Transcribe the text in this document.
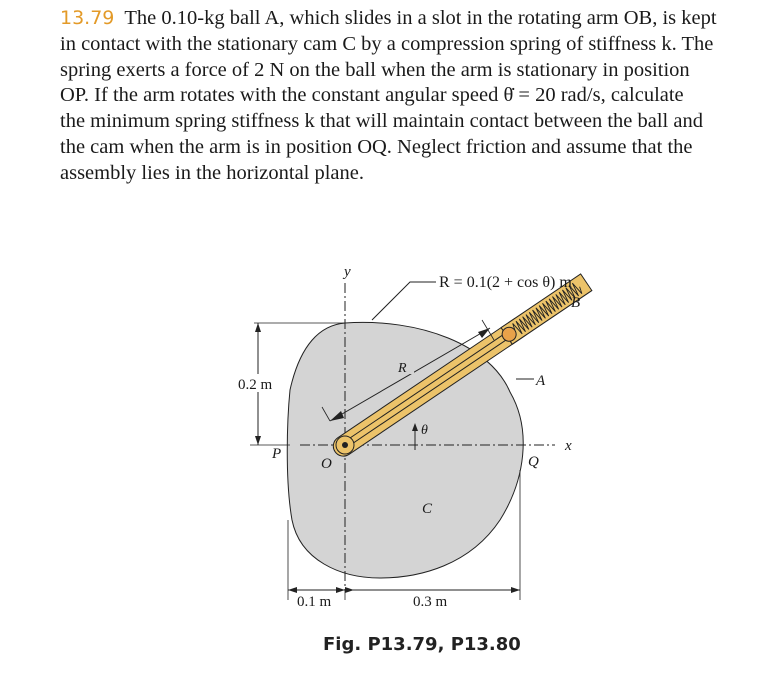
13.79 The 0.10-kg ball A, which slides in a slot in the rotating arm OB, is kept
in contact with the stationary cam C by a compression spring of stiffness k. The
spring exerts a force of 2 N on the ball when the arm is stationary in position
OP. If the arm rotates with the constant angular speed θ̇ = 20 rad/s, calculate
the minimum spring stiffness k that will maintain contact between the ball and
the cam when the arm is in position OQ. Neglect friction and assume that the
assembly lies in the horizontal plane.
R
R = 0.1(2 + cos θ) m
y
x
B
A
θ
O
P	Q
C
0.2 m
0.1 m	0.3 m
Fig. P13.79, P13.80
